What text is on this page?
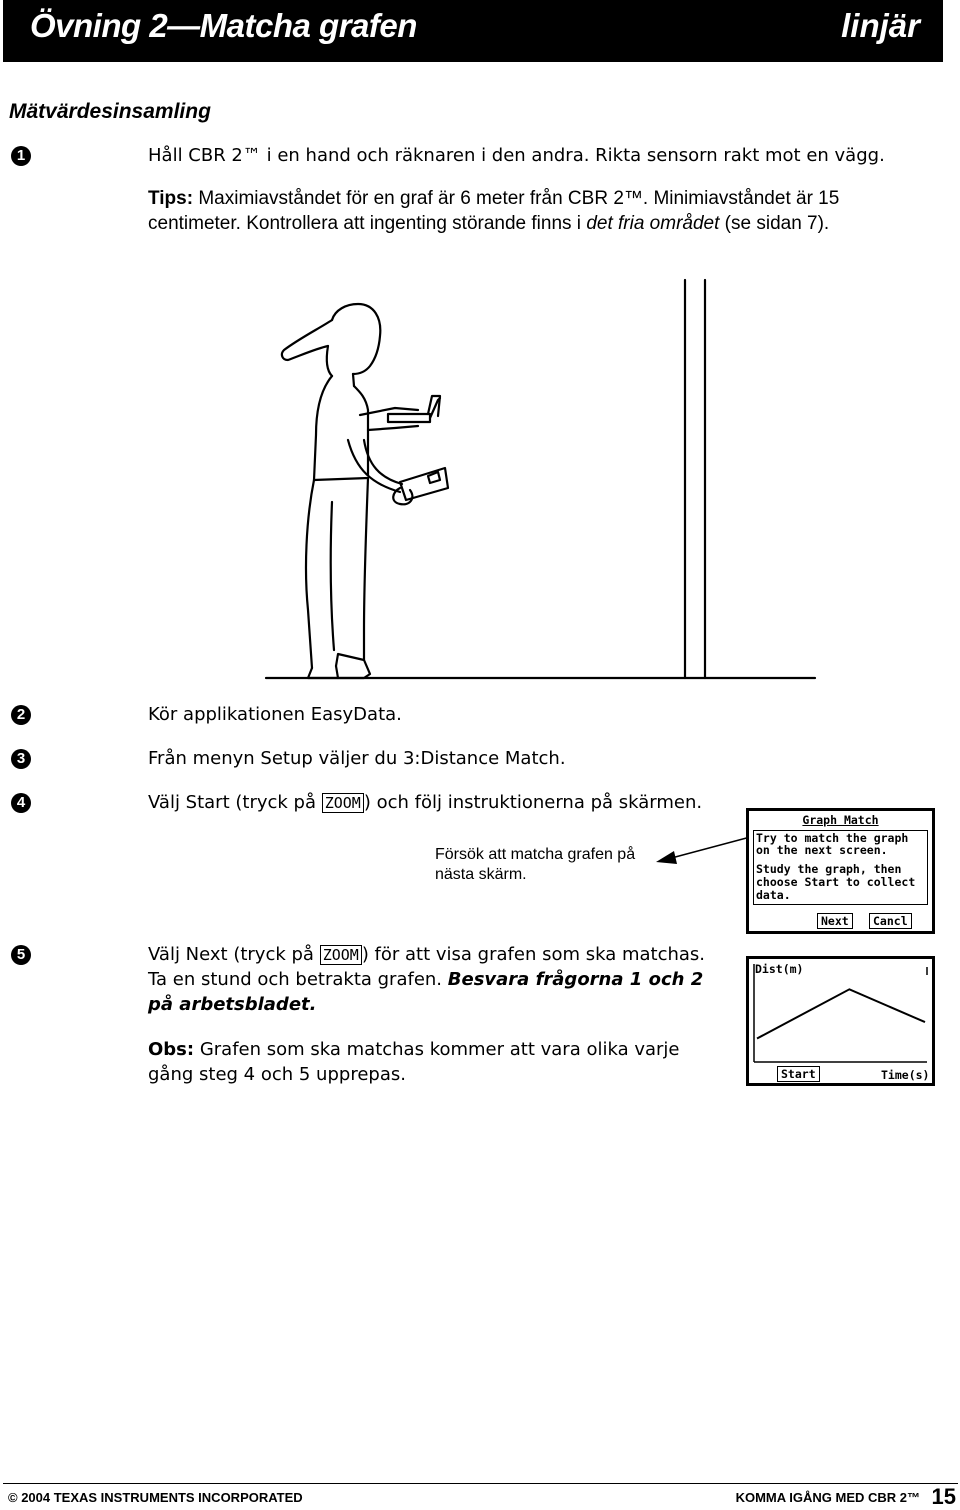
Övning 2—Matcha grafen	linjär
Mätvärdesinsamling
1	Håll CBR 2™ i en hand och räknaren i den andra. Rikta sensorn rakt mot en vägg.
Tips: Maximiavståndet för en graf är 6 meter från CBR 2™. Minimiavståndet är 15
centimeter. Kontrollera att ingenting störande finns i det fria området (se sidan 7).
2	Kör applikationen EasyData.
3	Från menyn Setup väljer du 3:Distance Match.
4	Välj Start (tryck på ZOOM ) och följ instruktionerna på skärmen.
Försök att matcha grafen på
nästa skärm.
Graph Match
Try to match the graph
on the next screen.
Study the graph, then
choose Start to collect
data.
Next	Cancl
5	Välj Next (tryck på ZOOM ) för att visa grafen som ska matchas.
Ta en stund och betrakta grafen. Besvara frågorna 1 och 2
på arbetsbladet.
Obs: Grafen som ska matchas kommer att vara olika varje
gång steg 4 och 5 upprepas.
Dist(m)
Start	Time(s)
© 2004 TEXAS INSTRUMENTS INCORPORATED	KOMMA IGÅNG MED CBR 2™ 15
